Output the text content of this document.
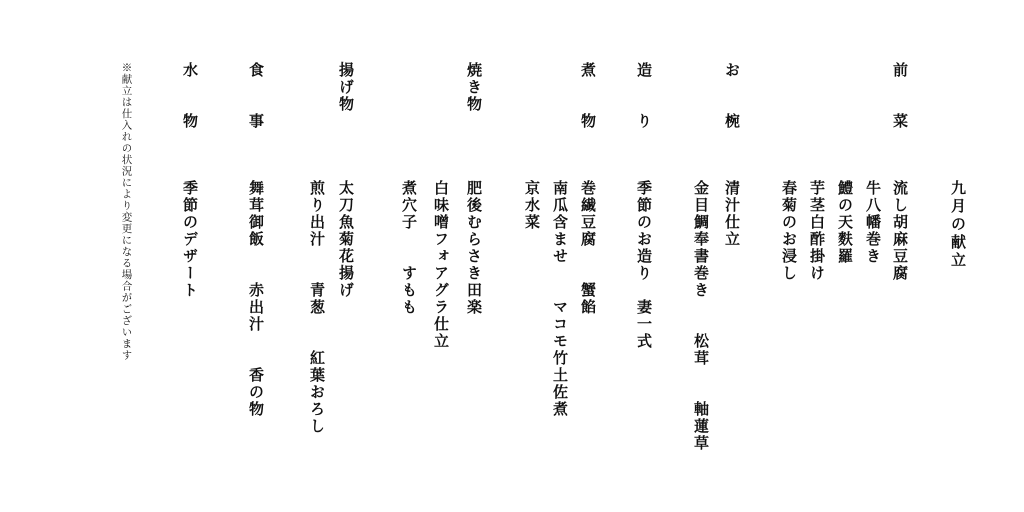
九月の献立
前　　菜
流し胡麻豆腐
牛八幡巻き
鱧の天麩羅
芋茎白酢掛け
春菊のお浸し
お　　椀
清汁仕立
金目鯛奉書巻き　　松茸　　軸蓮草
造　　り
季節のお造り　妻一式
煮　　物
巻繊豆腐　　蟹餡
南瓜含ませ　　マコモ竹土佐煮
京水菜
焼き物
肥後むらさき田楽
白味噌フォアグラ仕立
煮穴子　　すもも
揚げ物
太刀魚菊花揚げ
煎り出汁　　青葱　　紅葉おろし
食　　事
舞茸御飯　　赤出汁　　香の物
水　　物
季節のデザート
※献立は仕入れの状況により変更になる場合がございます
